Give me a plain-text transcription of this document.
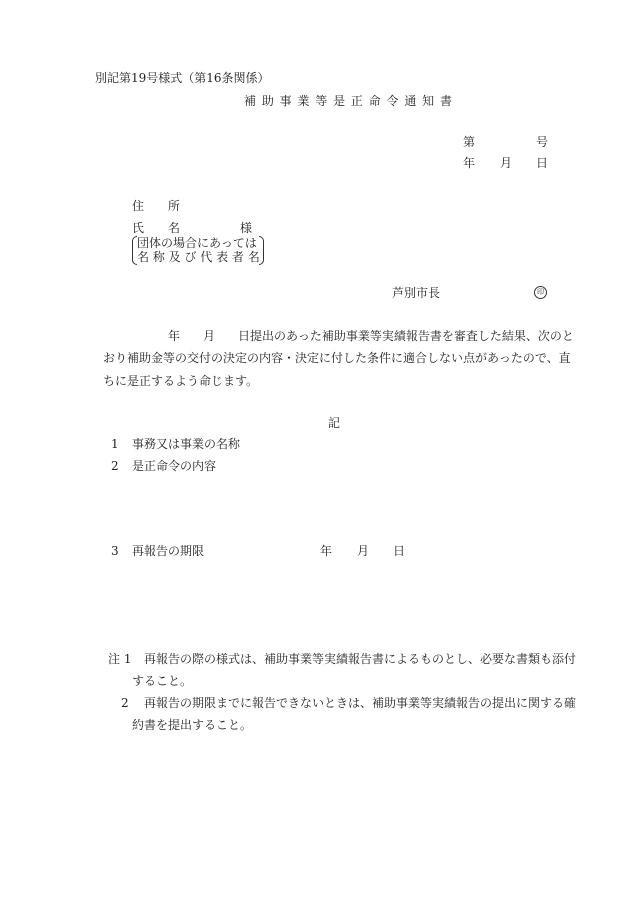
別記第19号様式（第16条関係）
補 助 事 業 等 是 正 命 令 通 知 書
第	号
年 月 日
住　　所
氏　　名	様
団体の場合にあっては
名 称 及 び 代 表 者 名
芦別市長	印
年 月 日提出のあった補助事業等実績報告書を審査した結果、次のと
おり補助金等の交付の決定の内容・決定に付した条件に適合しない点があったので、直
ちに是正するよう命じます。
記
1 事務又は事業の名称
2 是正命令の内容
3 再報告の期限	年 月 日
注 1 再報告の際の様式は、補助事業等実績報告書によるものとし、必要な書類も添付
すること。
2 再報告の期限までに報告できないときは、補助事業等実績報告の提出に関する確
約書を提出すること。
